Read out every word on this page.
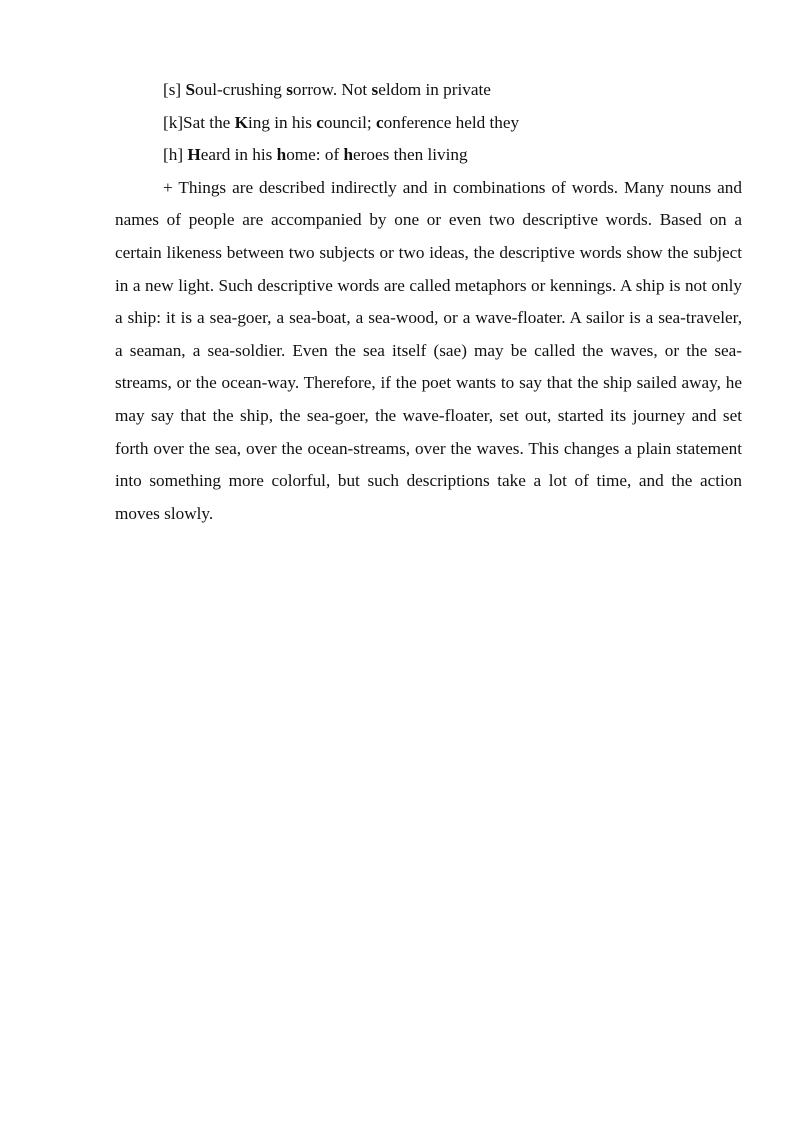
[s] Soul-crushing sorrow. Not seldom in private

[k]Sat the King in his council; conference held they

[h] Heard in his home: of heroes then living

+ Things are described indirectly and in combinations of words. Many nouns and names of people are accompanied by one or even two descriptive words. Based on a certain likeness between two subjects or two ideas, the descriptive words show the subject in a new light. Such descriptive words are called metaphors or kennings. A ship is not only a ship: it is a sea-goer, a sea-boat, a sea-wood, or a wave-floater. A sailor is a sea-traveler, a seaman, a sea-soldier. Even the sea itself (sae) may be called the waves, or the sea-streams, or the ocean-way. Therefore, if the poet wants to say that the ship sailed away, he may say that the ship, the sea-goer, the wave-floater, set out, started its journey and set forth over the sea, over the ocean-streams, over the waves. This changes a plain statement into something more colorful, but such descriptions take a lot of time, and the action moves slowly.
